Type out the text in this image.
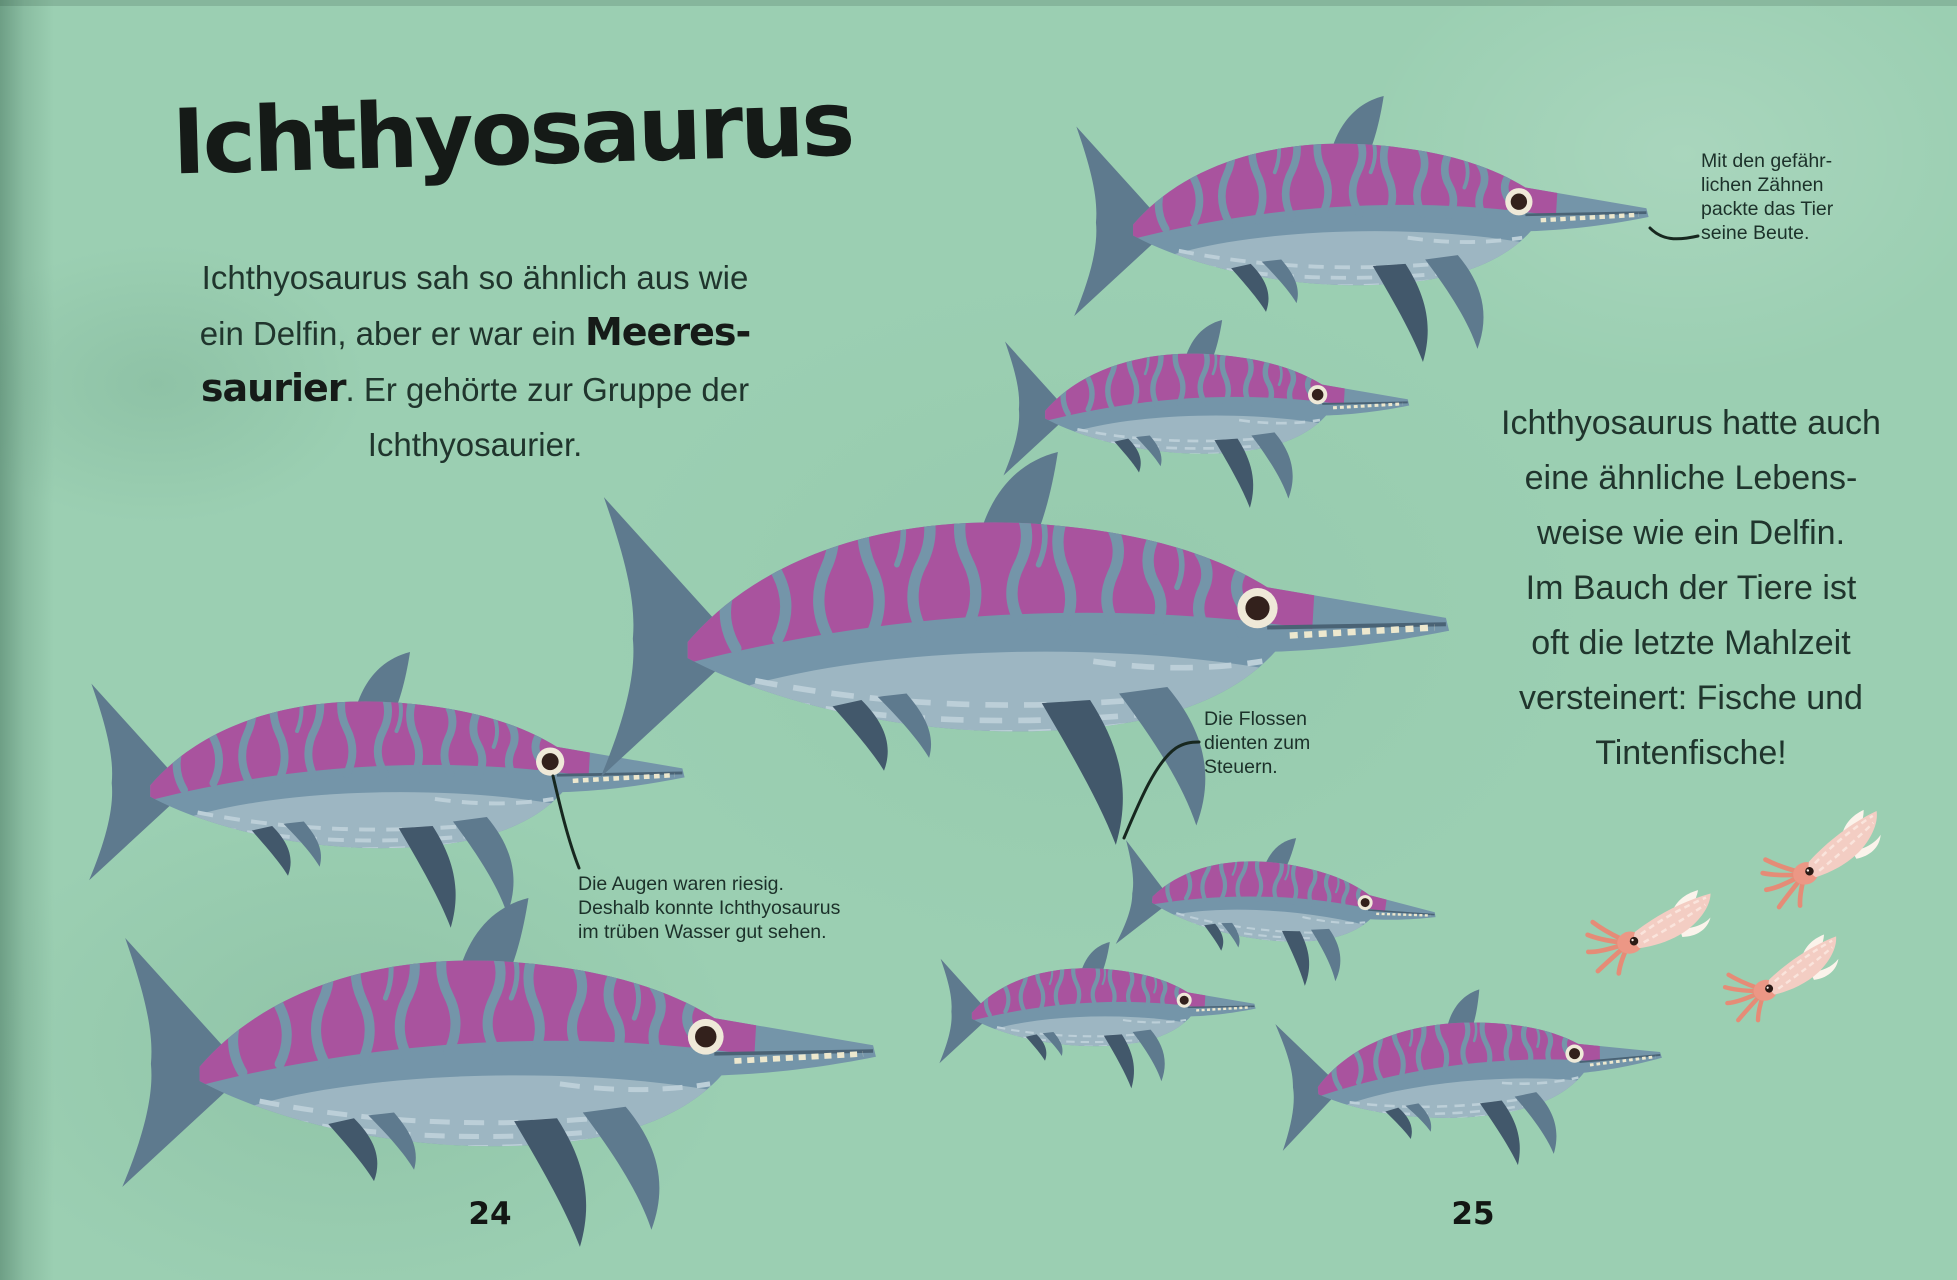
Ichthyosaurus
Ichthyosaurus sah so ähnlich aus wie
ein Delfin, aber er war ein Meeres-
saurier. Er gehörte zur Gruppe der
Ichthyosaurier.
Ichthyosaurus hatte auch
eine ähnliche Lebens-
weise wie ein Delfin.
Im Bauch der Tiere ist
oft die letzte Mahlzeit
versteinert: Fische und
Tintenfische!
Mit den gefähr-
lichen Zähnen
packte das Tier
seine Beute.
Die Flossen
dienten zum
Steuern.
Die Augen waren riesig.
Deshalb konnte Ichthyosaurus
im trüben Wasser gut sehen.
24	25
